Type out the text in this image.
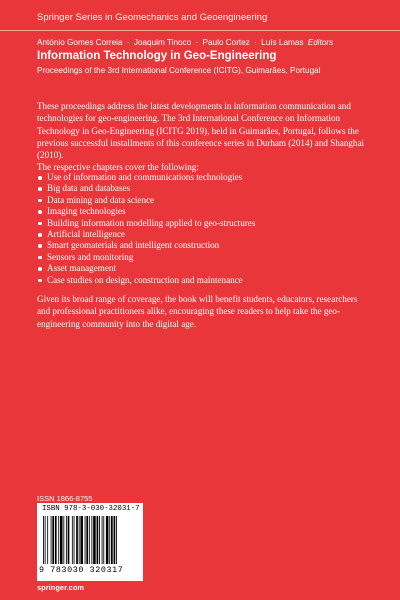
Springer Series in Geomechanics and Geoengineering
António Gomes Correia · Joaquim Tinoco · Paulo Cortez · Luís Lamas Editors
Information Technology in Geo-Engineering
Proceedings of the 3rd International Conference (ICITG), Guimarães, Portugal
These proceedings address the latest developments in information communication and technologies for geo-engineering. The 3rd International Conference on Information Technology in Geo-Engineering (ICITG 2019), held in Guimarães, Portugal, follows the previous successful installments of this conference series in Durham (2014) and Shanghai (2010).
The respective chapters cover the following:
Use of information and communications technologies
Big data and databases
Data mining and data science
Imaging technologies
Building information modelling applied to geo-structures
Artificial intelligence
Smart geomaterials and intelligent construction
Sensors and monitoring
Asset management
Case studies on design, construction and maintenance
Given its broad range of coverage, the book will benefit students, educators, researchers and professional practitioners alike, encouraging these readers to help take the geo-engineering community into the digital age.
ISSN 1866-8755
ISBN 978-3-030-32031-7
9 783030 320317
springer.com
